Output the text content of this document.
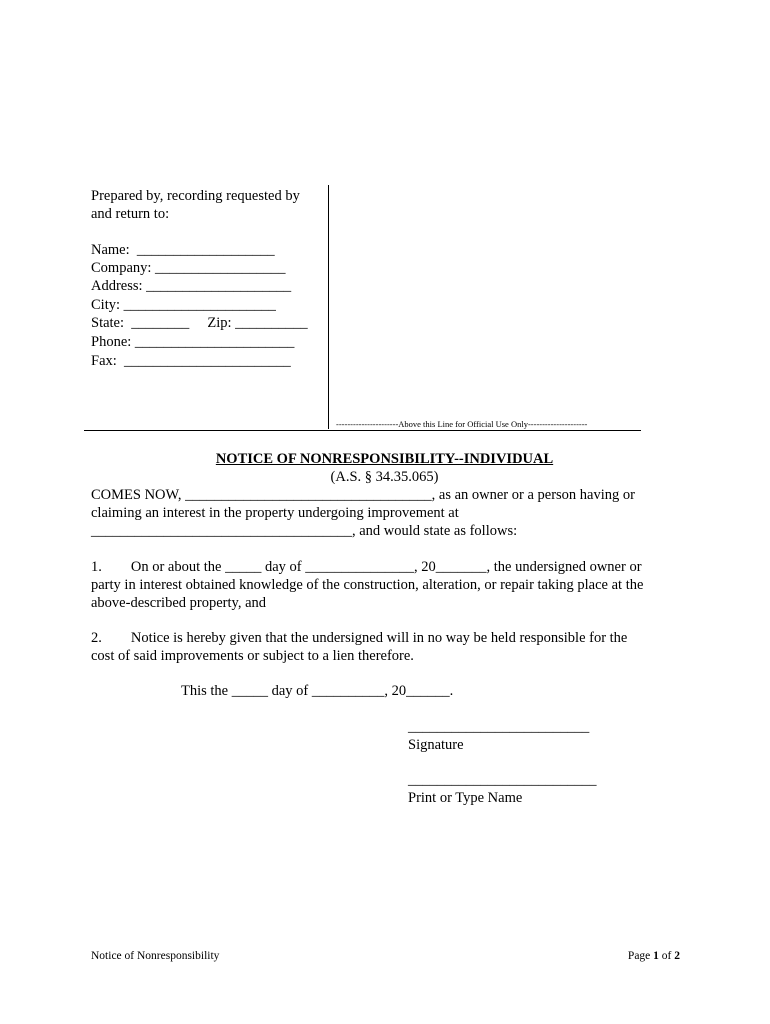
Prepared by, recording requested by
and return to:
Name:  ___________________
Company: __________________
Address: ____________________
City: _____________________
State:  ________     Zip: __________
Phone: ______________________
Fax:  _______________________
----------------------Above this Line for Official Use Only---------------------
NOTICE OF NONRESPONSIBILITY--INDIVIDUAL
(A.S. § 34.35.065)
COMES NOW, __________________________________, as an owner or a person having or
claiming an interest in the property undergoing improvement at
____________________________________, and would state as follows:
1.        On or about the _____ day of _______________, 20_______, the undersigned owner or
party in interest obtained knowledge of the construction, alteration, or repair taking place at the
above-described property, and
2.        Notice is hereby given that the undersigned will in no way be held responsible for the
cost of said improvements or subject to a lien therefore.
This the _____ day of __________, 20______.
_________________________
Signature
__________________________
Print or Type Name
Notice of Nonresponsibility	Page 1 of 2
